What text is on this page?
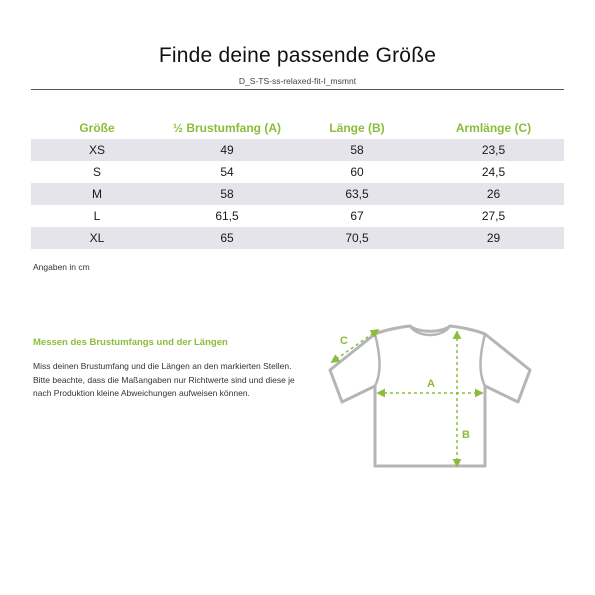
Finde deine passende Größe
D_S-TS-ss-relaxed-fit-I_msmnt
Größe	½ Brustumfang (A)	Länge (B)	Armlänge (C)
XS	49	58	23,5
S	54	60	24,5
M	58	63,5	26
L	61,5	67	27,5
XL	65	70,5	29
Angaben in cm
Messen des Brustumfangs und der Längen

Miss deinen Brustumfang und die Längen an den markierten Stellen.

Bitte beachte, dass die Maßangaben nur Richtwerte sind und diese je nach Produktion kleine Abweichungen aufweisen können.

A
B
C
